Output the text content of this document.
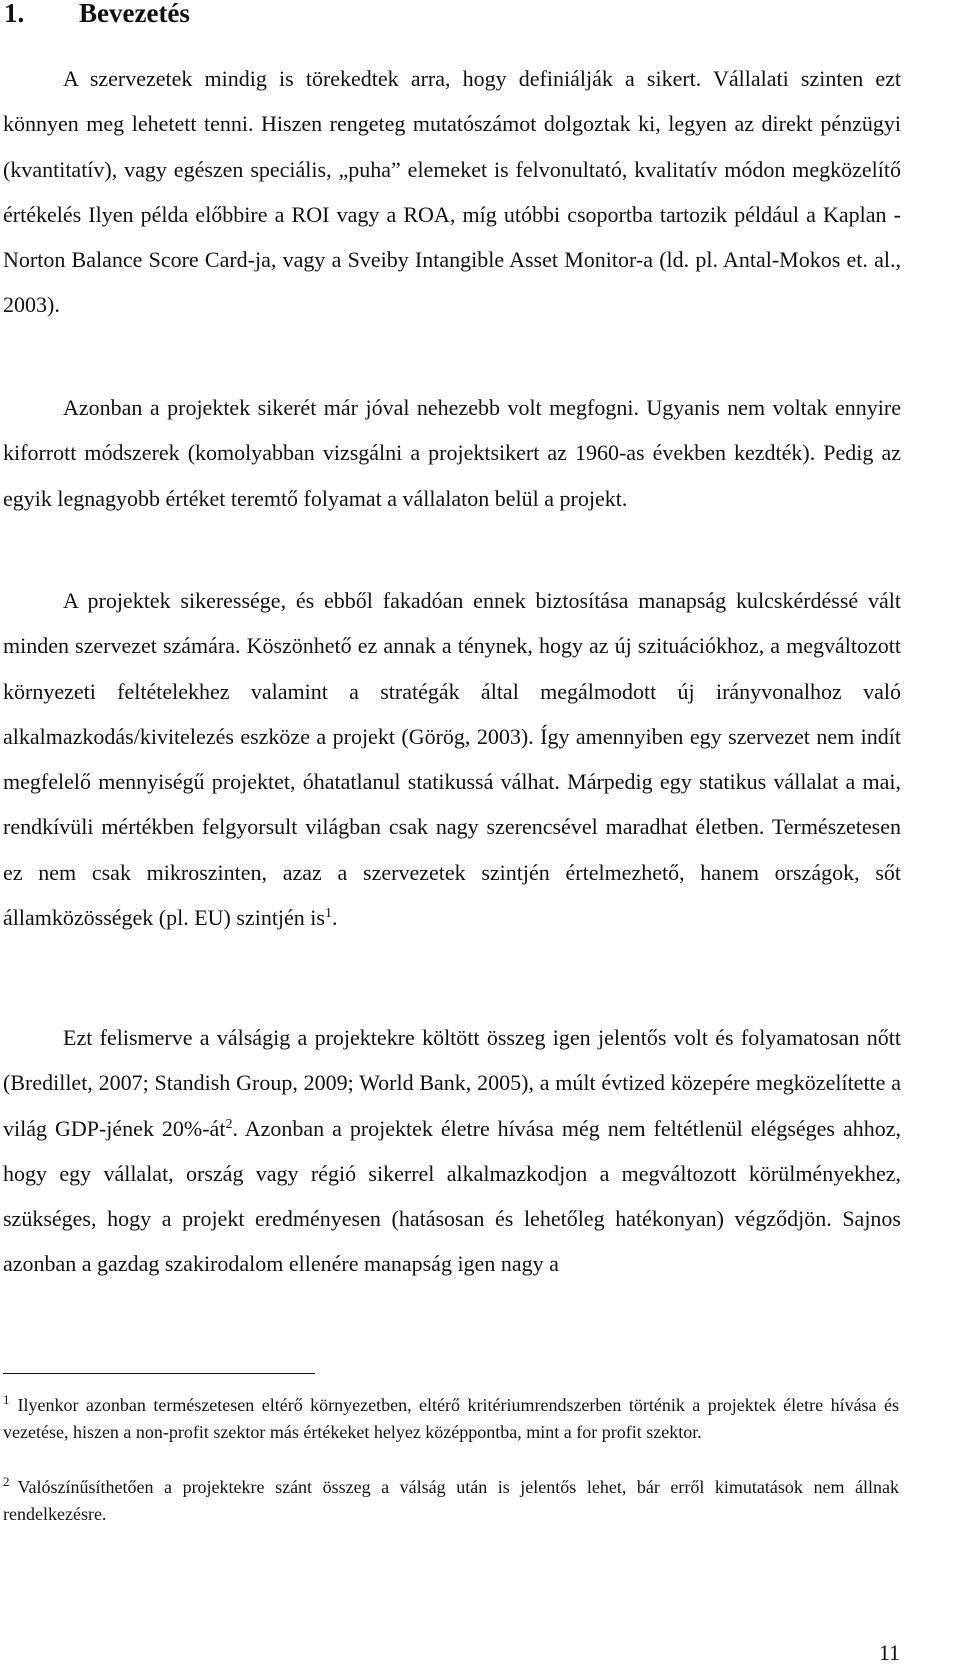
1. Bevezetés

A szervezetek mindig is törekedtek arra, hogy definiálják a sikert. Vállalati szinten ezt könnyen meg lehetett tenni. Hiszen rengeteg mutatószámot dolgoztak ki, legyen az direkt pénzügyi (kvantitatív), vagy egészen speciális, „puha” elemeket is felvonultató, kvalitatív módon megközelítő értékelés Ilyen példa előbbire a ROI vagy a ROA, míg utóbbi csoportba tartozik például a Kaplan - Norton Balance Score Card-ja, vagy a Sveiby Intangible Asset Monitor-a (ld. pl. Antal-Mokos et. al., 2003).

Azonban a projektek sikerét már jóval nehezebb volt megfogni. Ugyanis nem voltak ennyire kiforrott módszerek (komolyabban vizsgálni a projektsikert az 1960-as években kezdték). Pedig az egyik legnagyobb értéket teremtő folyamat a vállalaton belül a projekt.

A projektek sikeressége, és ebből fakadóan ennek biztosítása manapság kulcskérdéssé vált minden szervezet számára. Köszönhető ez annak a ténynek, hogy az új szituációkhoz, a megváltozott környezeti feltételekhez valamint a stratégák által megálmodott új irányvonalhoz való alkalmazkodás/kivitelezés eszköze a projekt (Görög, 2003). Így amennyiben egy szervezet nem indít megfelelő mennyiségű projektet, óhatatlanul statikussá válhat. Márpedig egy statikus vállalat a mai, rendkívüli mértékben felgyorsult világban csak nagy szerencsével maradhat életben. Természetesen ez nem csak mikroszinten, azaz a szervezetek szintjén értelmezhető, hanem országok, sőt államközösségek (pl. EU) szintjén $is^1$.

Ezt felismerve a válságig a projektekre költött összeg igen jelentős volt és folyamatosan nőtt (Bredillet, 2007; Standish Group, 2009; World Bank, 2005), a múlt évtized közepére megközelítette a világ GDP-jének $20\%-át^2$. Azonban a projektek életre hívása még nem feltétlenül elégséges ahhoz, hogy egy vállalat, ország vagy régió sikerrel alkalmazkodjon a megváltozott körülményekhez, szükséges, hogy a projekt eredményesen (hatásosan és lehetőleg hatékonyan) végződjön. Sajnos azonban a gazdag szakirodalom ellenére manapság igen nagy a

$^1$ Ilyenkor azonban természetesen eltérő környezetben, eltérő kritériumrendszerben történik a projektek életre hívása és vezetése, hiszen a non-profit szektor más értékeket helyez középpontba, mint a for profit szektor.

$^2$ Valószínűsíthetően a projektekre szánt összeg a válság után is jelentős lehet, bár erről kimutatások nem állnak rendelkezésre.

11
